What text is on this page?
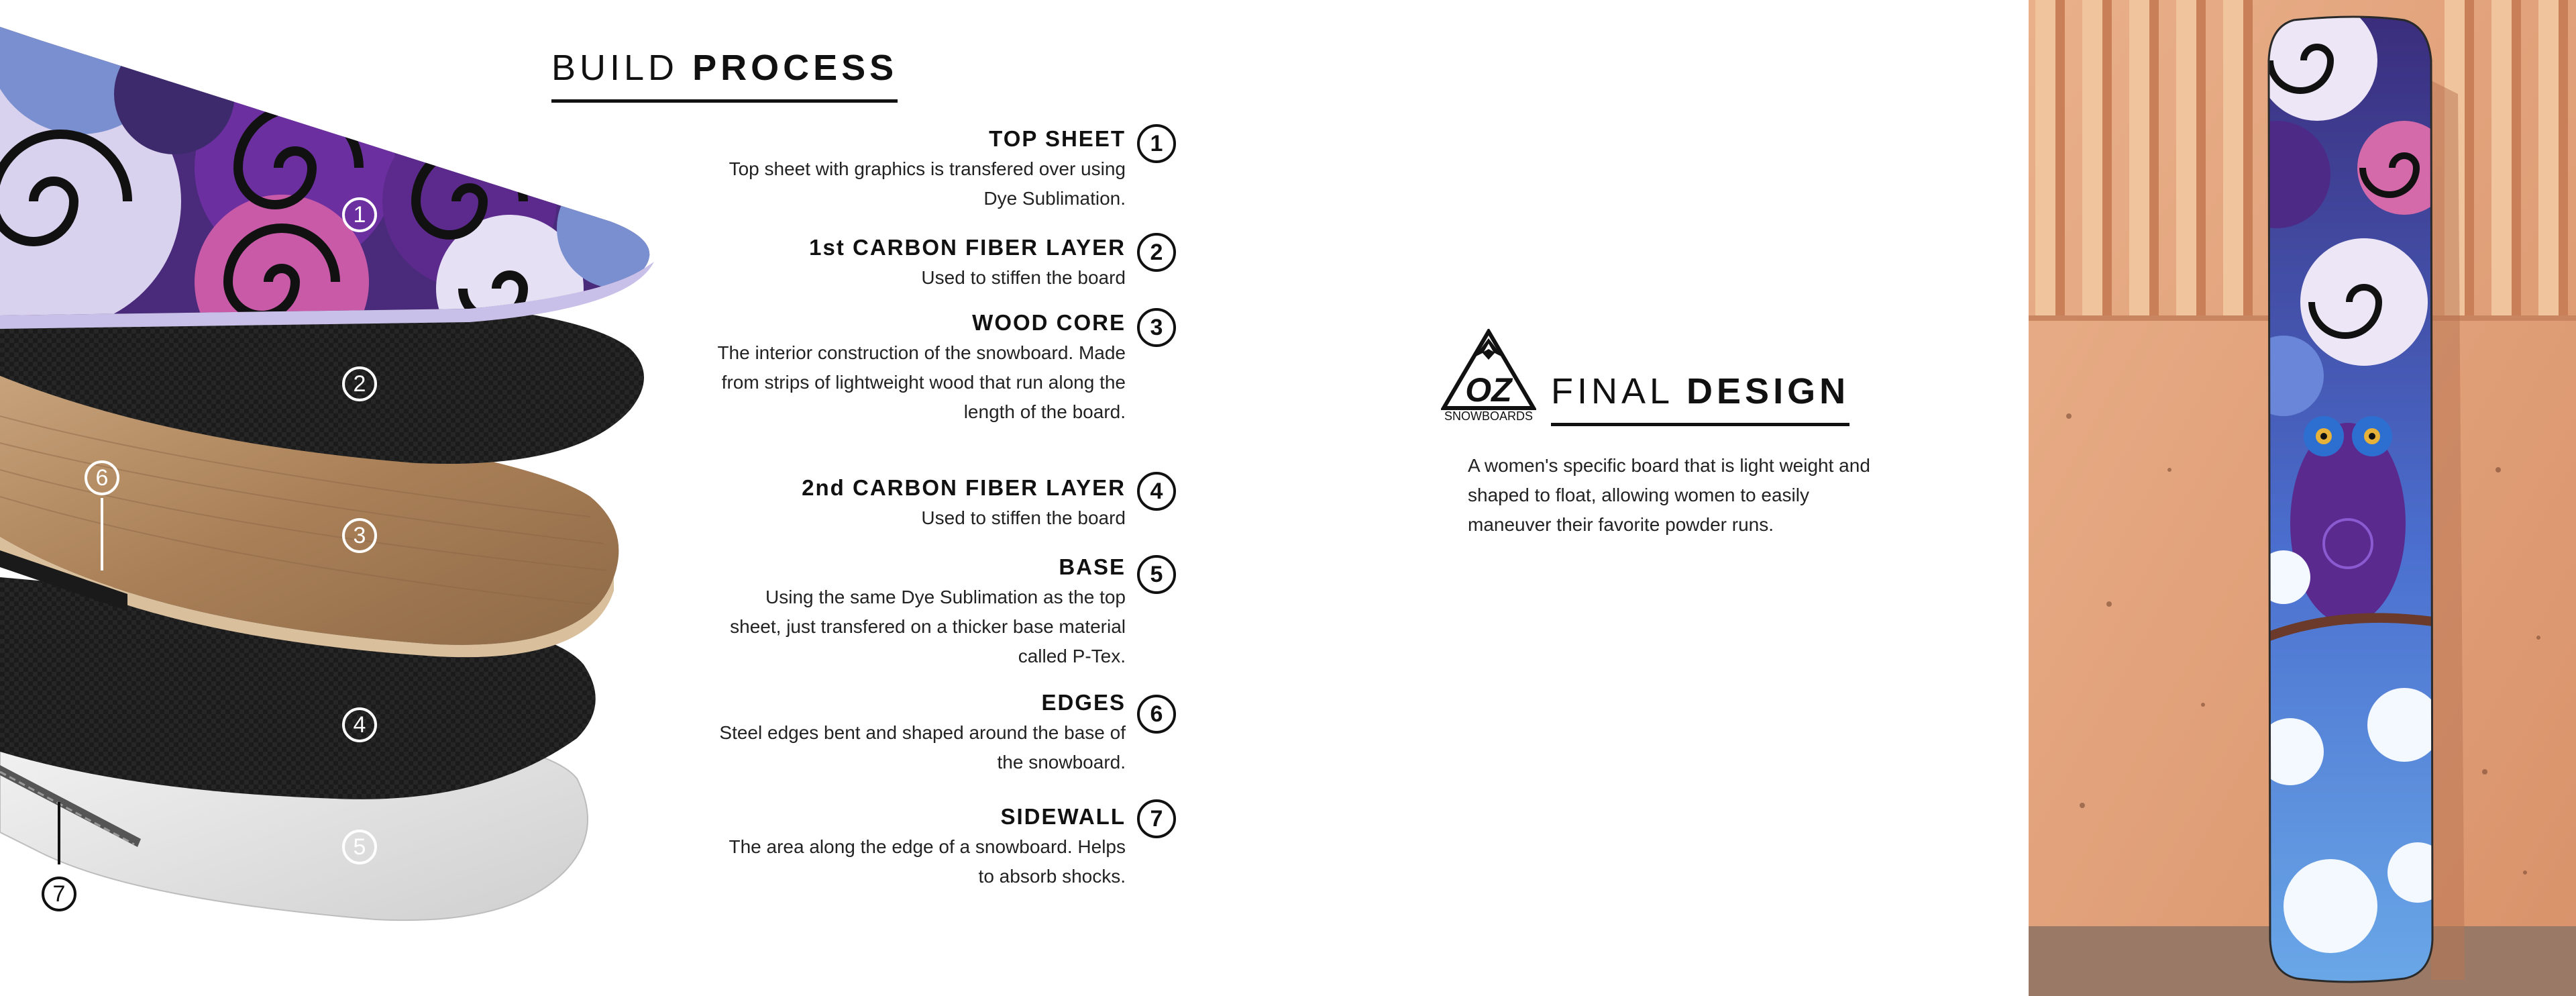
1
2
3
4
5
6
7
BUILD PROCESS
TOP SHEET
Top sheet with graphics is transfered over using Dye Sublimation.
1
1st CARBON FIBER LAYER
Used to stiffen the board
2
WOOD CORE
The interior construction of the snowboard. Made from strips of lightweight wood that run along the length of the board.
3
2nd CARBON FIBER LAYER
Used to stiffen the board
4
BASE
Using the same Dye Sublimation as the top sheet, just transfered on a thicker base material called P-Tex.
5
EDGES
Steel edges bent and shaped around the base of the snowboard.
6
SIDEWALL
The area along the edge of a snowboard. Helps to absorb shocks.
7
OZ
SNOWBOARDS
FINAL DESIGN
A women's specific board that is light weight and shaped to float, allowing women to easily maneuver their favorite powder runs.
